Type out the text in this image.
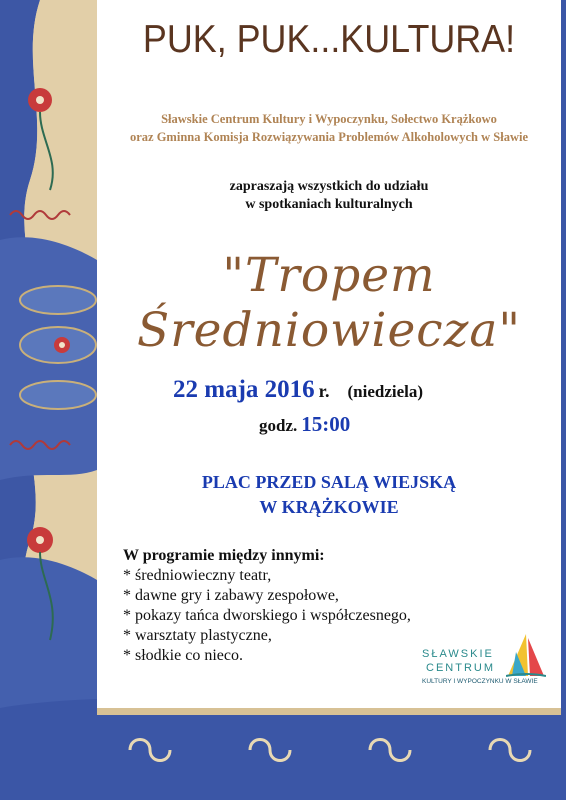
PUK, PUK...KULTURA!
Sławskie Centrum Kultury i Wypoczynku, Sołectwo Krążkowo
oraz Gminna Komisja Rozwiązywania Problemów Alkoholowych w Sławie
zapraszają wszystkich do udziału
w spotkaniach kulturalnych
"Tropem Średniowiecza"
22 maja 2016 r. (niedziela)
godz. 15:00
PLAC PRZED SALĄ WIEJSKĄ
W KRĄŻKOWIE
W programie między innymi:
* średniowieczny teatr,
* dawne gry i zabawy zespołowe,
* pokazy tańca dworskiego i współczesnego,
* warsztaty plastyczne,
* słodkie co nieco.	SŁAWSKIE
CENTRUM
KULTURY I WYPOCZYNKU W SŁAWIE
